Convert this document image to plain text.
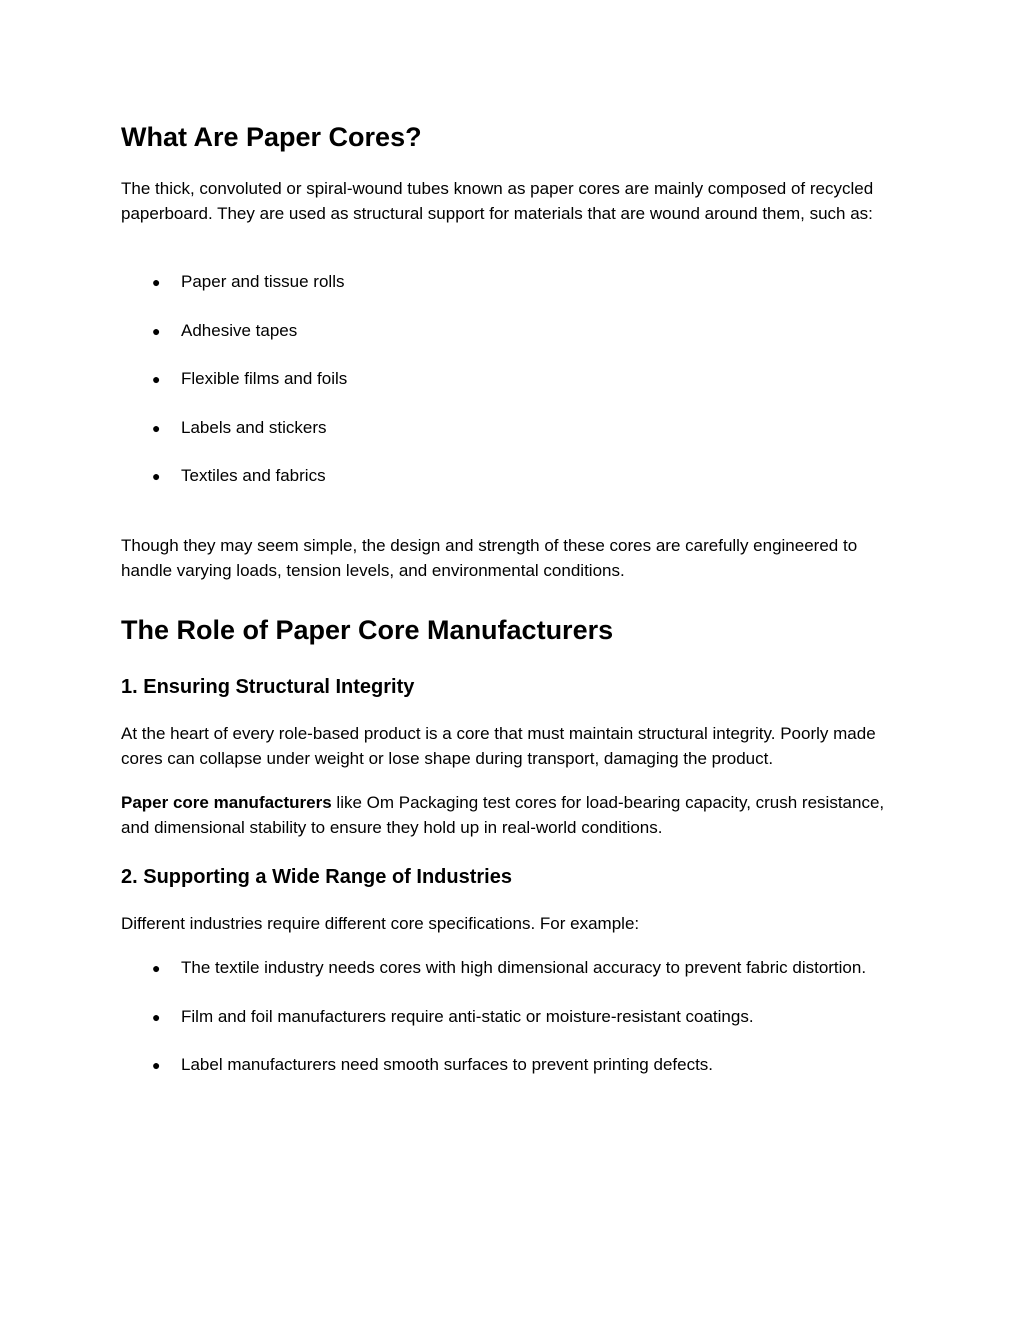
What Are Paper Cores?

The thick, convoluted or spiral-wound tubes known as paper cores are mainly composed of recycled paperboard. They are used as structural support for materials that are wound around them, such as:

● Paper and tissue rolls
● Adhesive tapes
● Flexible films and foils
● Labels and stickers
● Textiles and fabrics

Though they may seem simple, the design and strength of these cores are carefully engineered to handle varying loads, tension levels, and environmental conditions.

The Role of Paper Core Manufacturers
1. Ensuring Structural Integrity

At the heart of every role-based product is a core that must maintain structural integrity. Poorly made cores can collapse under weight or lose shape during transport, damaging the product.

Paper core manufacturers like Om Packaging test cores for load-bearing capacity, crush resistance, and dimensional stability to ensure they hold up in real-world conditions.

2. Supporting a Wide Range of Industries

Different industries require different core specifications. For example:

● The textile industry needs cores with high dimensional accuracy to prevent fabric distortion.
● Film and foil manufacturers require anti-static or moisture-resistant coatings.
● Label manufacturers need smooth surfaces to prevent printing defects.
